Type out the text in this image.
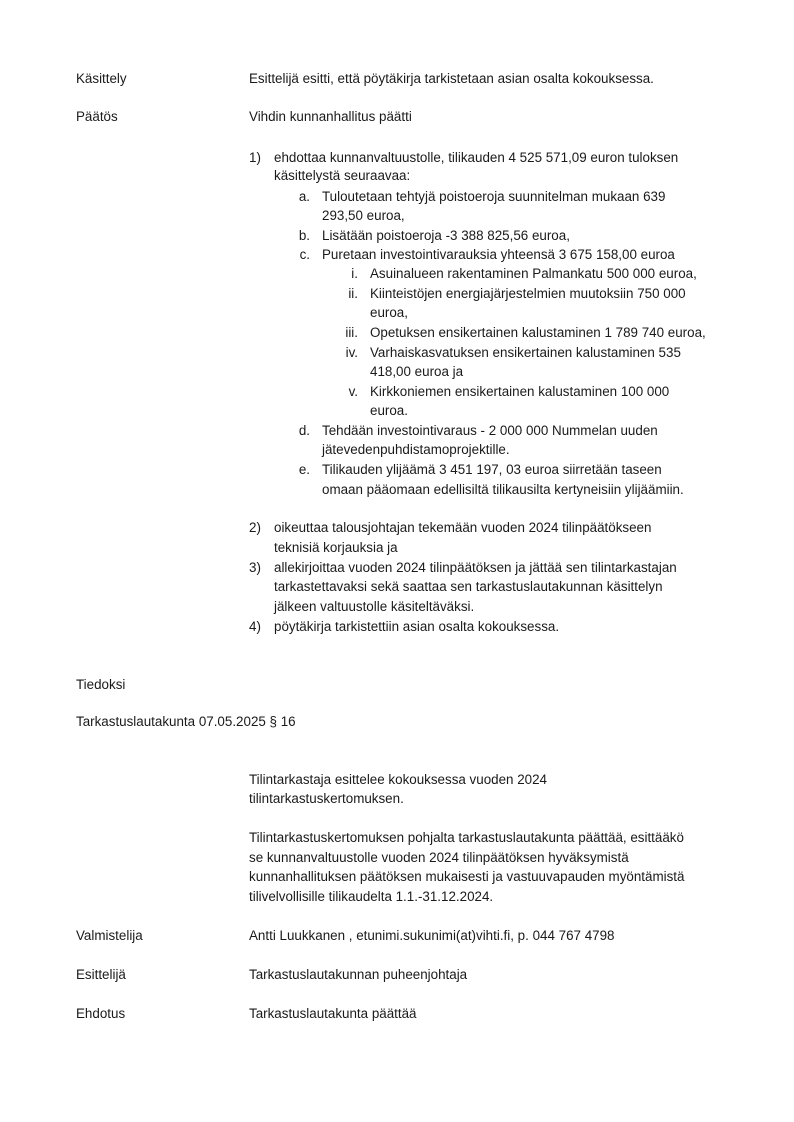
Käsittely	Esittelijä esitti, että pöytäkirja tarkistetaan asian osalta kokouksessa.
Päätös	Vihdin kunnanhallitus päätti
1) ehdottaa kunnanvaltuustolle, tilikauden 4 525 571,09 euron tuloksen
käsittelystä seuraavaa:
a. Tuloutetaan tehtyjä poistoeroja suunnitelman mukaan 639
293,50 euroa,
b. Lisätään poistoeroja -3 388 825,56 euroa,
c. Puretaan investointivarauksia yhteensä 3 675 158,00 euroa
i. Asuinalueen rakentaminen Palmankatu 500 000 euroa,
ii. Kiinteistöjen energiajärjestelmien muutoksiin 750 000
euroa,
iii. Opetuksen ensikertainen kalustaminen 1 789 740 euroa,
iv. Varhaiskasvatuksen ensikertainen kalustaminen 535
418,00 euroa ja
v. Kirkkoniemen ensikertainen kalustaminen 100 000
euroa.
d. Tehdään investointivaraus - 2 000 000 Nummelan uuden
jätevedenpuhdistamoprojektille.
e. Tilikauden ylijäämä 3 451 197, 03 euroa siirretään taseen
omaan pääomaan edellisiltä tilikausilta kertyneisiin ylijäämiin.
2) oikeuttaa talousjohtajan tekemään vuoden 2024 tilinpäätökseen
teknisiä korjauksia ja
3) allekirjoittaa vuoden 2024 tilinpäätöksen ja jättää sen tilintarkastajan
tarkastettavaksi sekä saattaa sen tarkastuslautakunnan käsittelyn
jälkeen valtuustolle käsiteltäväksi.
4) pöytäkirja tarkistettiin asian osalta kokouksessa.
Tiedoksi
Tarkastuslautakunta 07.05.2025 § 16
Tilintarkastaja esittelee kokouksessa vuoden 2024
tilintarkastuskertomuksen.
Tilintarkastuskertomuksen pohjalta tarkastuslautakunta päättää, esittääkö
se kunnanvaltuustolle vuoden 2024 tilinpäätöksen hyväksymistä
kunnanhallituksen päätöksen mukaisesti ja vastuuvapauden myöntämistä
tilivelvollisille tilikaudelta 1.1.-31.12.2024.
Valmistelija	Antti Luukkanen , etunimi.sukunimi(at)vihti.fi, p. 044 767 4798
Esittelijä	Tarkastuslautakunnan puheenjohtaja
Ehdotus	Tarkastuslautakunta päättää
